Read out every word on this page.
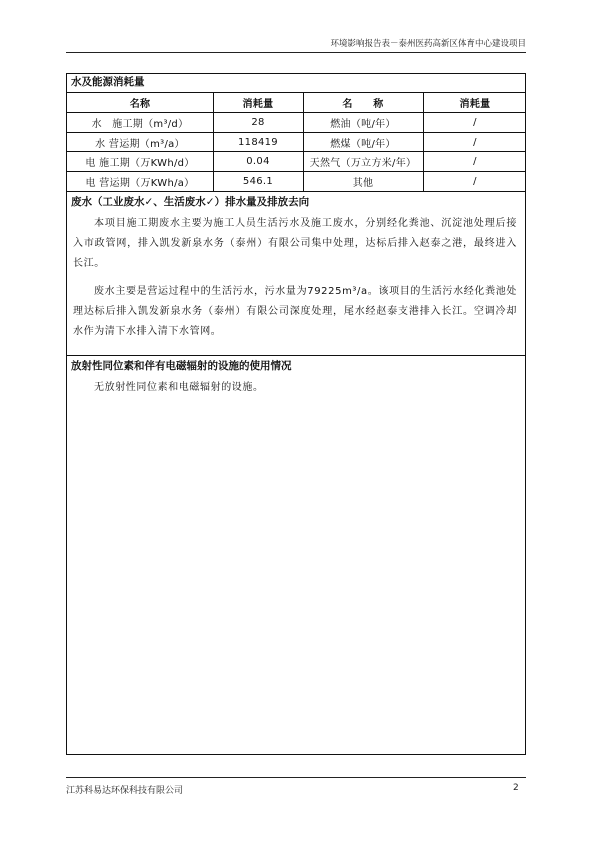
环境影响报告表－泰州医药高新区体育中心建设项目
水及能源消耗量
名称	消耗量	名　　称	消耗量
水　施工期（m³/d）	28	燃油（吨/年）	/
水 营运期（m³/a）	118419	燃煤（吨/年）	/
电 施工期（万KWh/d）	0.04	天然气（万立方米/年）	/
电 营运期（万KWh/a）	546.1	其他	/
废水（工业废水✓、生活废水✓）排水量及排放去向
本项目施工期废水主要为施工人员生活污水及施工废水，分别经化粪池、沉淀池处理后接入市政管网，排入凯发新泉水务（泰州）有限公司集中处理，达标后排入赵泰之港，最终进入长江。
废水主要是营运过程中的生活污水，污水量为79225m³/a。该项目的生活污水经化粪池处理达标后排入凯发新泉水务（泰州）有限公司深度处理，尾水经赵泰支港排入长江。空调冷却水作为清下水排入清下水管网。
放射性同位素和伴有电磁辐射的设施的使用情况
无放射性同位素和电磁辐射的设施。
江苏科易达环保科技有限公司	2
